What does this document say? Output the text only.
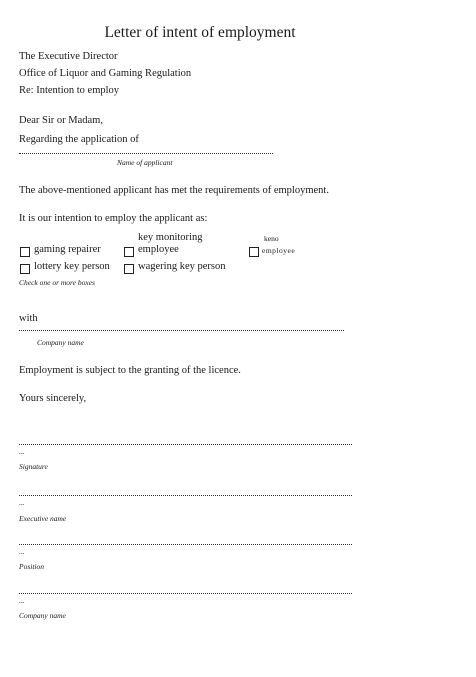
Letter of intent of employment
The Executive Director
Office of Liquor and Gaming Regulation
Re: Intention to employ
Dear Sir or Madam,
Regarding the application of
Name of applicant
The above-mentioned applicant has met the requirements of employment.
It is our intention to employ the applicant as:
gaming repairer
key monitoring
employee
keno
employee
lottery key person	wagering key person
Check one or more boxes
with
Company name
Employment is subject to the granting of the licence.
Yours sincerely,
...
Signature
...
Executive name
...
Position
...
Company name
